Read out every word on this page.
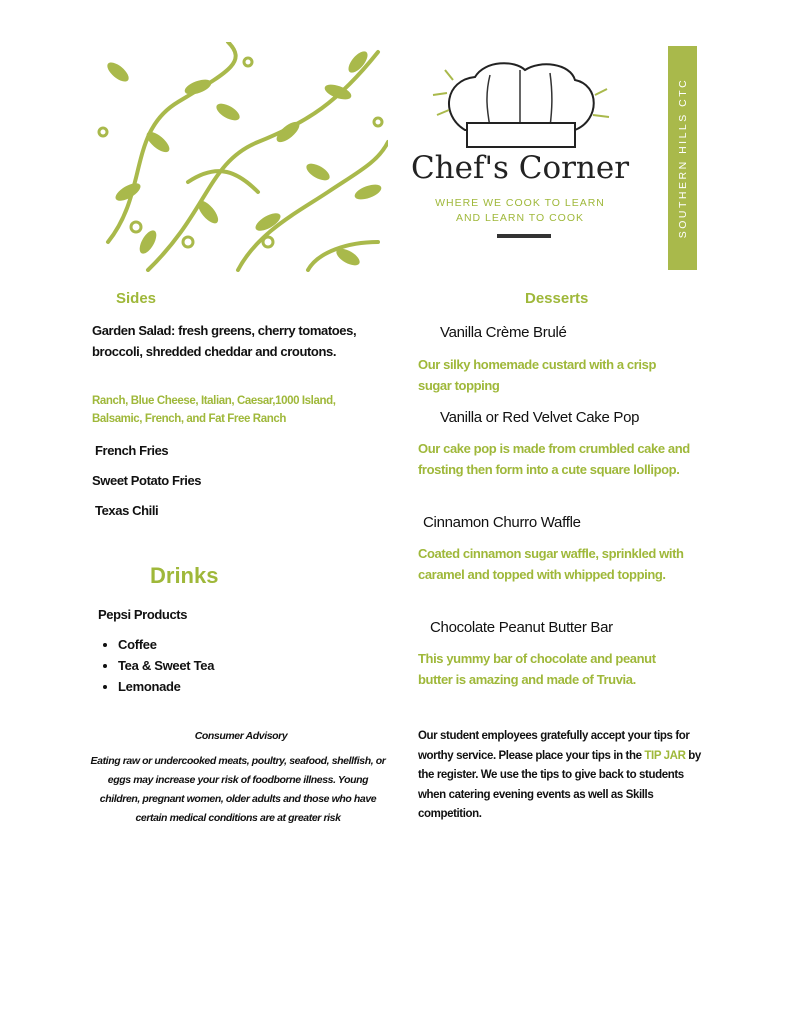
Chef's Corner
WHERE WE COOK TO LEARN
AND LEARN TO COOK	SOUTHERN HILLS CTC
Sides
Garden Salad: fresh greens, cherry tomatoes, broccoli, shredded cheddar and croutons.
Ranch, Blue Cheese, Italian, Caesar,1000 Island, Balsamic, French, and Fat Free Ranch
French Fries
Sweet Potato Fries
Texas Chili
Drinks
Pepsi Products
• Coffee
• Tea & Sweet Tea
• Lemonade
Consumer Advisory
Eating raw or undercooked meats, poultry, seafood, shellfish, or eggs may increase your risk of foodborne illness. Young children, pregnant women, older adults and those who have certain medical conditions are at greater risk
Desserts
Vanilla Crème Brulé
Our silky homemade custard with a crisp sugar topping
Vanilla or Red Velvet Cake Pop
Our cake pop is made from crumbled cake and frosting then form into a cute square lollipop.
Cinnamon Churro Waffle
Coated cinnamon sugar waffle, sprinkled with caramel and topped with whipped topping.
Chocolate Peanut Butter Bar
This yummy bar of chocolate and peanut butter is amazing and made of Truvia.
Our student employees gratefully accept your tips for worthy service. Please place your tips in the TIP JAR by the register. We use the tips to give back to students when catering evening events as well as Skills competition.
